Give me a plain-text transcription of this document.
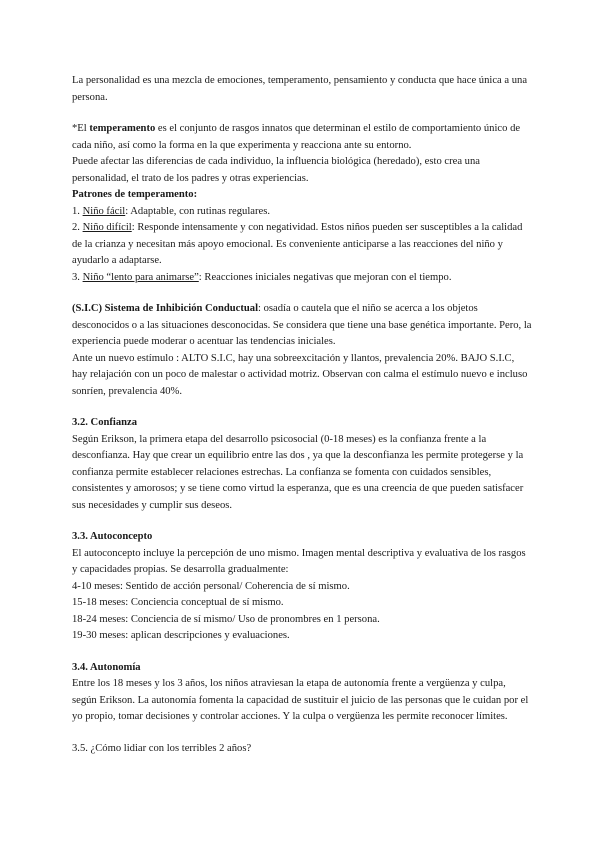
La personalidad es una mezcla de emociones, temperamento, pensamiento y conducta que hace única a una persona.

*El temperamento es el conjunto de rasgos innatos que determinan el estilo de comportamiento único de cada niño, así como la forma en la que experimenta y reacciona ante su entorno.

Puede afectar las diferencias de cada individuo, la influencia biológica (heredado), esto crea una personalidad, el trato de los padres y otras experiencias.

Patrones de temperamento:

1. Niño fácil: Adaptable, con rutinas regulares.

2. Niño difícil: Responde intensamente y con negatividad. Estos niños pueden ser susceptibles a la calidad de la crianza y necesitan más apoyo emocional. Es conveniente anticiparse a las reacciones del niño y ayudarlo a adaptarse.

3. Niño “lento para animarse”: Reacciones iniciales negativas que mejoran con el tiempo.

(S.I.C) Sistema de Inhibición Conductual: osadía o cautela que el niño se acerca a los objetos desconocidos o a las situaciones desconocidas. Se considera que tiene una base genética importante. Pero, la experiencia puede moderar o acentuar las tendencias iniciales.

Ante un nuevo estímulo : ALTO S.I.C, hay una sobreexcitación y llantos, prevalencia 20%. BAJO S.I.C, hay relajación con un poco de malestar o actividad motriz. Observan con calma el estímulo nuevo e incluso sonríen, prevalencia 40%.

3.2. Confianza

Según Erikson, la primera etapa del desarrollo psicosocial (0-18 meses) es la confianza frente a la desconfianza. Hay que crear un equilibrio entre las dos , ya que la desconfianza les permite protegerse y la confianza permite establecer relaciones estrechas. La confianza se fomenta con cuidados sensibles, consistentes y amorosos; y se tiene como virtud la esperanza, que es una creencia de que pueden satisfacer sus necesidades y cumplir sus deseos.

3.3. Autoconcepto

El autoconcepto incluye la percepción de uno mismo. Imagen mental descriptiva y evaluativa de los rasgos y capacidades propias. Se desarrolla gradualmente:

4-10 meses: Sentido de acción personal/ Coherencia de sí mismo.

15-18 meses: Conciencia conceptual de sí mismo.

18-24 meses: Conciencia de sí mismo/ Uso de pronombres en 1 persona.

19-30 meses: aplican descripciones y evaluaciones.

3.4. Autonomía

Entre los 18 meses y los 3 años, los niños atraviesan la etapa de autonomía frente a vergüenza y culpa, según Erikson. La autonomía fomenta la capacidad de sustituir el juicio de las personas que le cuidan por el yo propio, tomar decisiones y controlar acciones. Y la culpa o vergüenza les permite reconocer límites.

3.5. ¿Cómo lidiar con los terribles 2 años?
